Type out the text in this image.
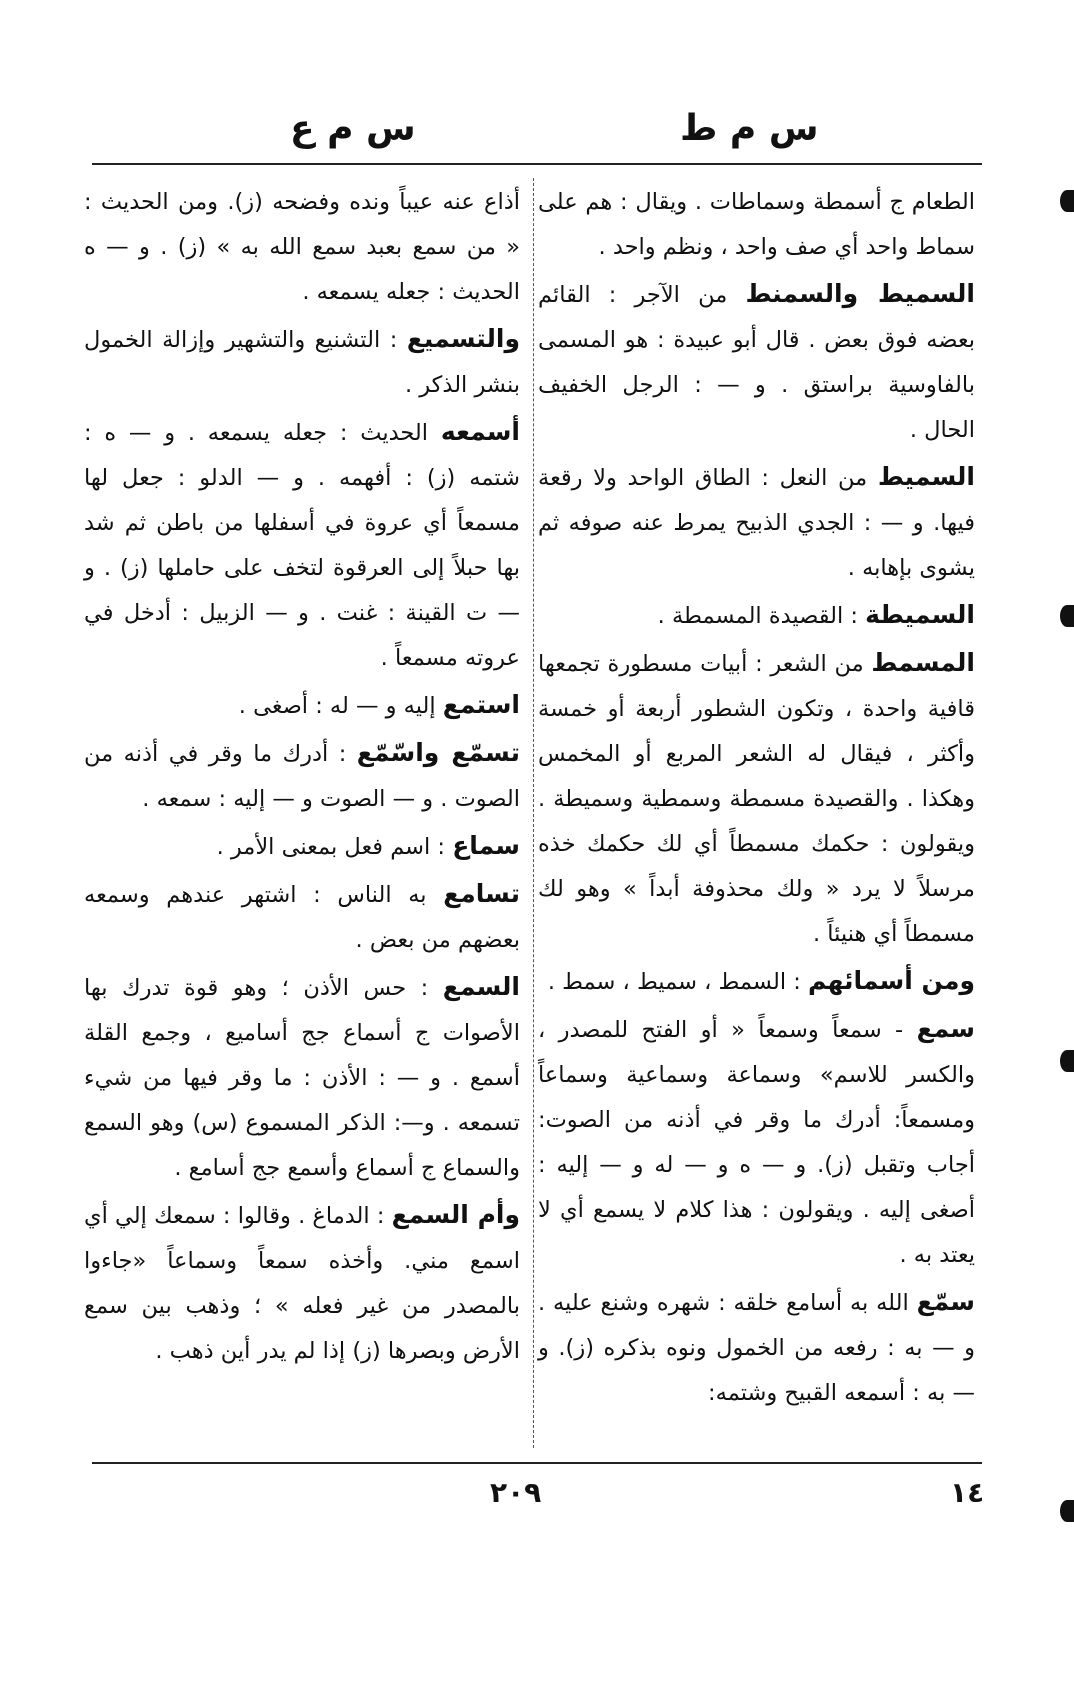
س م ط
س م ع
الطعام ج أسمطة وسماطات . ويقال : هم على سماط واحد أي صف واحد ، ونظم واحد .
السميط والسمنط من الآجر : القائم بعضه فوق بعض . قال أبو عبيدة : هو المسمى بالفاوسية براستق . و — : الرجل الخفيف الحال .
السميط من النعل : الطاق الواحد ولا رقعة فيها. و — : الجدي الذبيح يمرط عنه صوفه ثم يشوى بإهابه .
السميطة : القصيدة المسمطة .
المسمط من الشعر : أبيات مسطورة تجمعها قافية واحدة ، وتكون الشطور أربعة أو خمسة وأكثر ، فيقال له الشعر المربع أو المخمس وهكذا . والقصيدة مسمطة وسمطية وسميطة . ويقولون : حكمك مسمطاً أي لك حكمك خذه مرسلاً لا يرد « ولك محذوفة أبداً » وهو لك مسمطاً أي هنيئاً .
ومن أسمائهم : السمط ، سميط ، سمط .
سمع - سمعاً وسمعاً « أو الفتح للمصدر ، والكسر للاسم» وسماعة وسماعية وسماعاً ومسمعاً: أدرك ما وقر في أذنه من الصوت: أجاب وتقبل (ز). و — ه و — له و — إليه : أصغى إليه . ويقولون : هذا كلام لا يسمع أي لا يعتد به .
سمّع الله به أسامع خلقه : شهره وشنع عليه . و — به : رفعه من الخمول ونوه بذكره (ز). و — به : أسمعه القبيح وشتمه:
أذاع عنه عيباً ونده وفضحه (ز). ومن الحديث : « من سمع بعبد سمع الله به » (ز) . و — ه الحديث : جعله يسمعه .
والتسميع : التشنيع والتشهير وإزالة الخمول بنشر الذكر .
أسمعه الحديث : جعله يسمعه . و — ه : شتمه (ز) : أفهمه . و — الدلو : جعل لها مسمعاً أي عروة في أسفلها من باطن ثم شد بها حبلاً إلى العرقوة لتخف على حاملها (ز) . و — ت القينة : غنت . و — الزبيل : أدخل في عروته مسمعاً .
استمع إليه و — له : أصغى .
تسمّع واسّمّع : أدرك ما وقر في أذنه من الصوت . و — الصوت و — إليه : سمعه .
سماع : اسم فعل بمعنى الأمر .
تسامع به الناس : اشتهر عندهم وسمعه بعضهم من بعض .
السمع : حس الأذن ؛ وهو قوة تدرك بها الأصوات ج أسماع جج أساميع ، وجمع القلة أسمع . و — : الأذن : ما وقر فيها من شيء تسمعه . و—: الذكر المسموع (س) وهو السمع والسماع ج أسماع وأسمع جج أسامع .
وأم السمع : الدماغ . وقالوا : سمعك إلي أي اسمع مني. وأخذه سمعاً وسماعاً «جاءوا بالمصدر من غير فعله » ؛ وذهب بين سمع الأرض وبصرها (ز) إذا لم يدر أين ذهب .
٢٠٩	١٤
